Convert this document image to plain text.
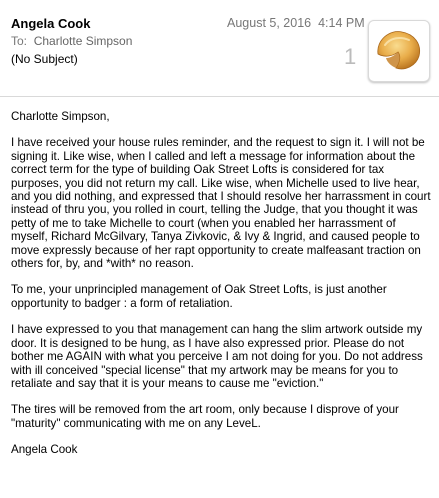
Angela Cook	August 5, 2016 4:14 PM
To: Charlotte Simpson
(No Subject)	1

Charlotte Simpson,

I have received your house rules reminder, and the request to sign it. I will not be signing it. Like wise, when I called and left a message for information about the correct term for the type of building Oak Street Lofts is considered for tax purposes, you did not return my call. Like wise, when Michelle used to live hear, and you did nothing, and expressed that I should resolve her harrassment in court instead of thru you, you rolled in court, telling the Judge, that you thought it was petty of me to take Michelle to court (when you enabled her harrassment of myself, Richard McGilvary, Tanya Zivkovic, & Ivy & Ingrid, and caused people to move expressly because of her rapt opportunity to create malfeasant traction on others for, by, and *with* no reason.

To me, your unprincipled management of Oak Street Lofts, is just another opportunity to badger : a form of retaliation.

I have expressed to you that management can hang the slim artwork outside my door. It is designed to be hung, as I have also expressed prior. Please do not bother me AGAIN with what you perceive I am not doing for you. Do not address with ill conceived "special license" that my artwork may be means for you to retaliate and say that it is your means to cause me "eviction."

The tires will be removed from the art room, only because I disprove of your "maturity" communicating with me on any LeveL.

Angela Cook
